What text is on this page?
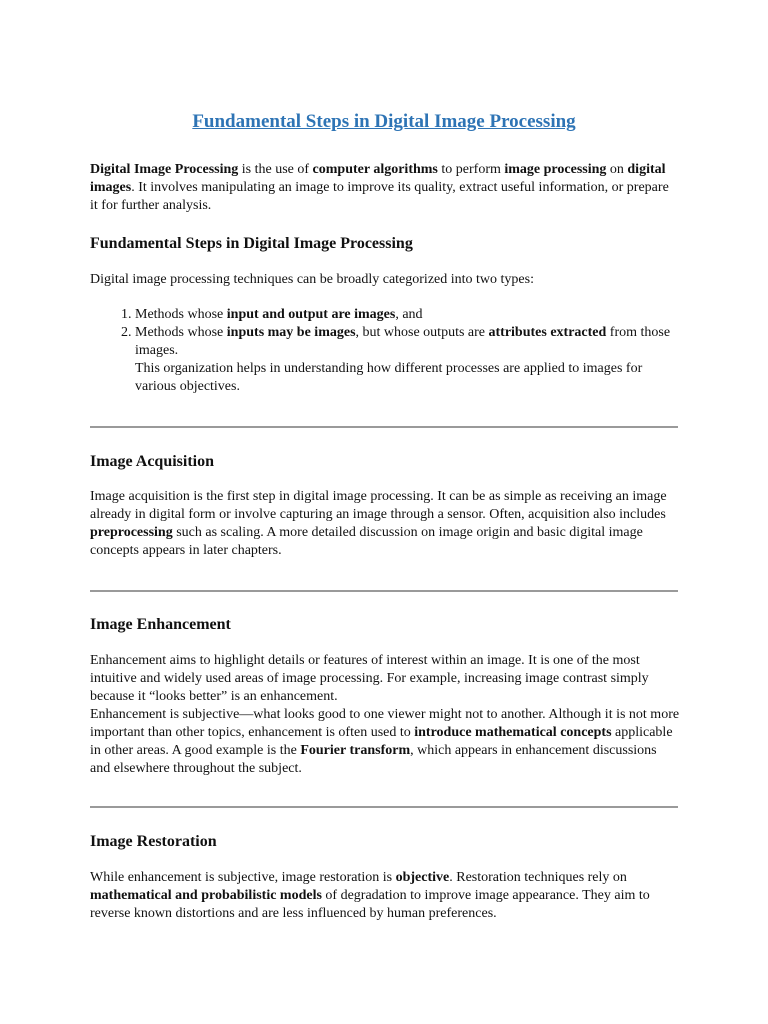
Fundamental Steps in Digital Image Processing

Digital Image Processing is the use of computer algorithms to perform image processing on digital images. It involves manipulating an image to improve its quality, extract useful information, or prepare it for further analysis.

Fundamental Steps in Digital Image Processing

Digital image processing techniques can be broadly categorized into two types:

1. Methods whose input and output are images, and
2. Methods whose inputs may be images, but whose outputs are attributes extracted from those images.
This organization helps in understanding how different processes are applied to images for various objectives.
Image Acquisition

Image acquisition is the first step in digital image processing. It can be as simple as receiving an image already in digital form or involve capturing an image through a sensor. Often, acquisition also includes preprocessing such as scaling. A more detailed discussion on image origin and basic digital image concepts appears in later chapters.

Image Enhancement

Enhancement aims to highlight details or features of interest within an image. It is one of the most intuitive and widely used areas of image processing. For example, increasing image contrast simply because it “looks better” is an enhancement.

Enhancement is subjective—what looks good to one viewer might not to another. Although it is not more important than other topics, enhancement is often used to introduce mathematical concepts applicable in other areas. A good example is the Fourier transform, which appears in enhancement discussions and elsewhere throughout the subject.

Image Restoration

While enhancement is subjective, image restoration is objective. Restoration techniques rely on mathematical and probabilistic models of degradation to improve image appearance. They aim to reverse known distortions and are less influenced by human preferences.
